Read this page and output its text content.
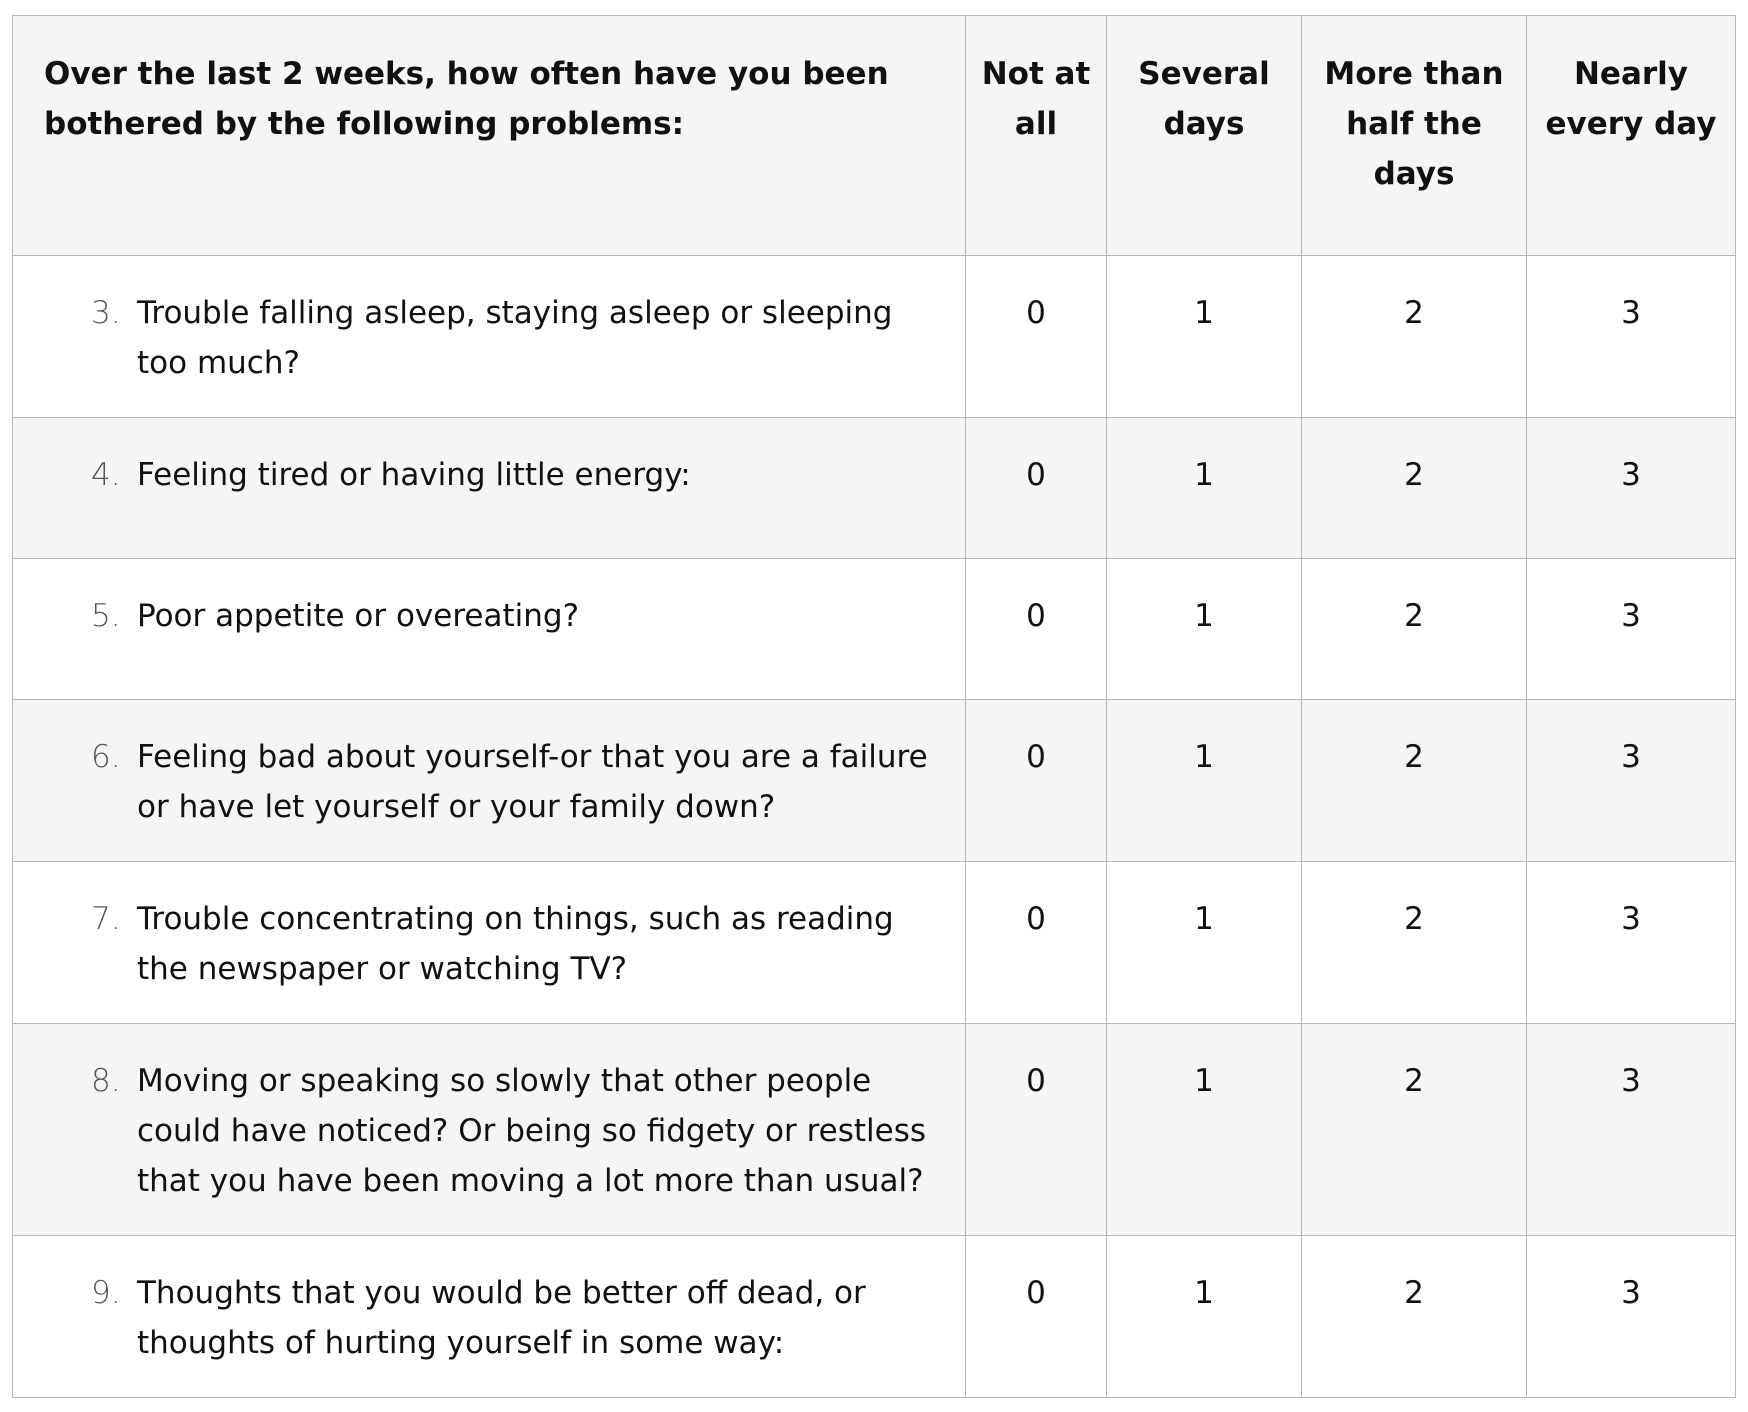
Over the last 2 weeks, how often have you been bothered by the following problems:	Not at all	Several days	More than half the days	Nearly every day

3. Trouble falling asleep, staying asleep or sleeping too much?	0	1	2	3

4. Feeling tired or having little energy:	0	1	2	3

5. Poor appetite or overeating?	0	1	2	3

6. Feeling bad about yourself-or that you are a failure or have let yourself or your family down?	0	1	2	3

7. Trouble concentrating on things, such as reading the newspaper or watching TV?	0	1	2	3

8. Moving or speaking so slowly that other people could have noticed? Or being so fidgety or restless that you have been moving a lot more than usual?	0	1	2	3

9. Thoughts that you would be better off dead, or thoughts of hurting yourself in some way:	0	1	2	3
